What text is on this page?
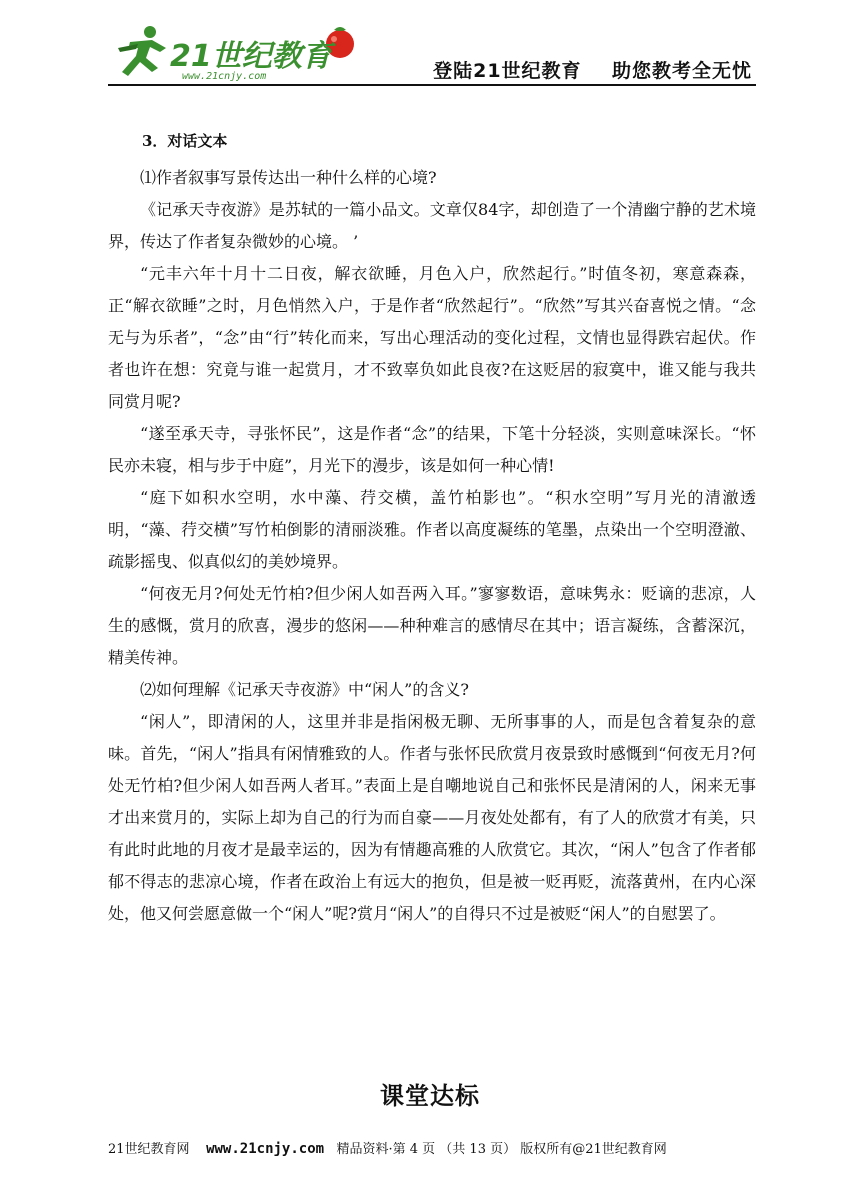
21世纪教育
www.21cnjy.com	登陆21世纪教育    助您教考全无忧
3．对话文本

⑴作者叙事写景传达出一种什么样的心境?

《记承天寺夜游》是苏轼的一篇小品文。文章仅84字，却创造了一个清幽宁静的艺术境界，传达了作者复杂微妙的心境。 ’

“元丰六年十月十二日夜，解衣欲睡，月色入户，欣然起行。”时值冬初，寒意森森，正“解衣欲睡”之时，月色悄然入户，于是作者“欣然起行”。“欣然”写其兴奋喜悦之情。“念无与为乐者”，“念”由“行”转化而来，写出心理活动的变化过程，文情也显得跌宕起伏。作者也许在想：究竟与谁一起赏月，才不致辜负如此良夜?在这贬居的寂寞中，谁又能与我共同赏月呢?

“遂至承天寺，寻张怀民”，这是作者“念”的结果，下笔十分轻淡，实则意味深长。“怀民亦未寝，相与步于中庭”，月光下的漫步，该是如何一种心情!

“庭下如积水空明，水中藻、荇交横，盖竹柏影也”。“积水空明”写月光的清澈透明，“藻、荇交横”写竹柏倒影的清丽淡雅。作者以高度凝练的笔墨，点染出一个空明澄澈、疏影摇曳、似真似幻的美妙境界。

“何夜无月?何处无竹柏?但少闲人如吾两入耳。”寥寥数语，意味隽永：贬谪的悲凉，人生的感慨，赏月的欣喜，漫步的悠闲——种种难言的感情尽在其中；语言凝练，含蓄深沉，精美传神。

⑵如何理解《记承天寺夜游》中“闲人”的含义?

“闲人”，即清闲的人，这里并非是指闲极无聊、无所事事的人，而是包含着复杂的意味。首先，“闲人”指具有闲情雅致的人。作者与张怀民欣赏月夜景致时感慨到“何夜无月?何处无竹柏?但少闲人如吾两人者耳。”表面上是自嘲地说自己和张怀民是清闲的人，闲来无事才出来赏月的，实际上却为自己的行为而自豪——月夜处处都有，有了人的欣赏才有美，只有此时此地的月夜才是最幸运的，因为有情趣高雅的人欣赏它。其次，“闲人”包含了作者郁郁不得志的悲凉心境，作者在政治上有远大的抱负，但是被一贬再贬，流落黄州，在内心深处，他又何尝愿意做一个“闲人”呢?赏月“闲人”的自得只不过是被贬“闲人”的自慰罢了。

课堂达标
21世纪教育网    www.21cnjy.com   精品资料·第 4 页 （共 13 页） 版权所有@21世纪教育网
